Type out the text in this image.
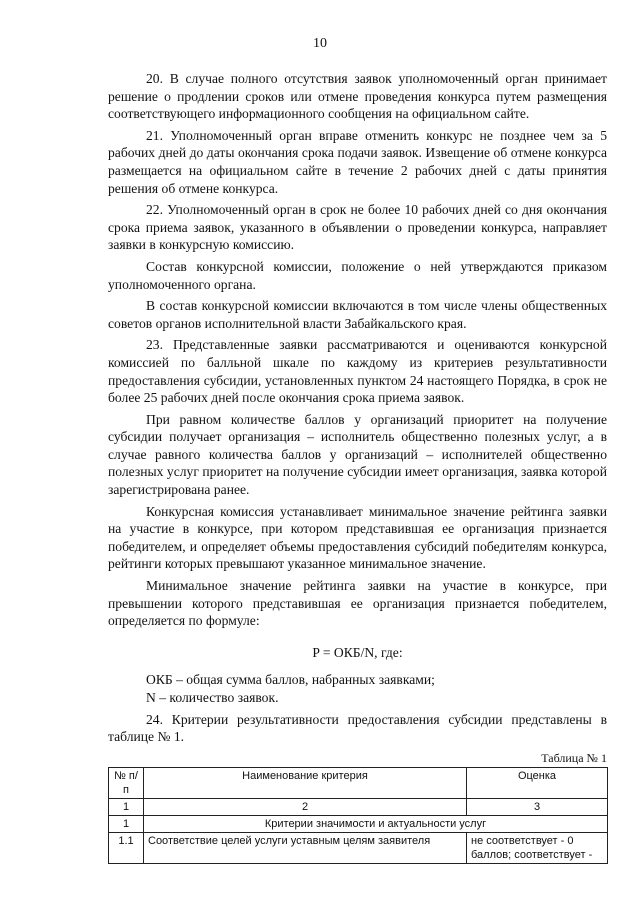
10

20. В случае полного отсутствия заявок уполномоченный орган принимает решение о продлении сроков или отмене проведения конкурса путем размещения соответствующего информационного сообщения на официальном сайте.

21. Уполномоченный орган вправе отменить конкурс не позднее чем за 5 рабочих дней до даты окончания срока подачи заявок. Извещение об отмене конкурса размещается на официальном сайте в течение 2 рабочих дней с даты принятия решения об отмене конкурса.

22. Уполномоченный орган в срок не более 10 рабочих дней со дня окончания срока приема заявок, указанного в объявлении о проведении конкурса, направляет заявки в конкурсную комиссию.

Состав конкурсной комиссии, положение о ней утверждаются приказом уполномоченного органа.

В состав конкурсной комиссии включаются в том числе члены общественных советов органов исполнительной власти Забайкальского края.

23. Представленные заявки рассматриваются и оцениваются конкурсной комиссией по балльной шкале по каждому из критериев результативности предоставления субсидии, установленных пунктом 24 настоящего Порядка, в срок не более 25 рабочих дней после окончания срока приема заявок.

При равном количестве баллов у организаций приоритет на получение субсидии получает организация – исполнитель общественно полезных услуг, а в случае равного количества баллов у организаций – исполнителей общественно полезных услуг приоритет на получение субсидии имеет организация, заявка которой зарегистрирована ранее.

Конкурсная комиссия устанавливает минимальное значение рейтинга заявки на участие в конкурсе, при котором представившая ее организация признается победителем, и определяет объемы предоставления субсидий победителям конкурса, рейтинги которых превышают указанное минимальное значение.

Минимальное значение рейтинга заявки на участие в конкурсе, при превышении которого представившая ее организация признается победителем, определяется по формуле:

P = ОКБ/N, где:
ОКБ – общая сумма баллов, набранных заявками;
N – количество заявок.

24. Критерии результативности предоставления субсидии представлены в таблице № 1.

Таблица № 1
№ п/п	Наименование критерия	Оценка
1	2	3
1	Критерии значимости и актуальности услуг	
1.1	Соответствие целей услуги уставным целям заявителя	не соответствует - 0 баллов; соответствует -
